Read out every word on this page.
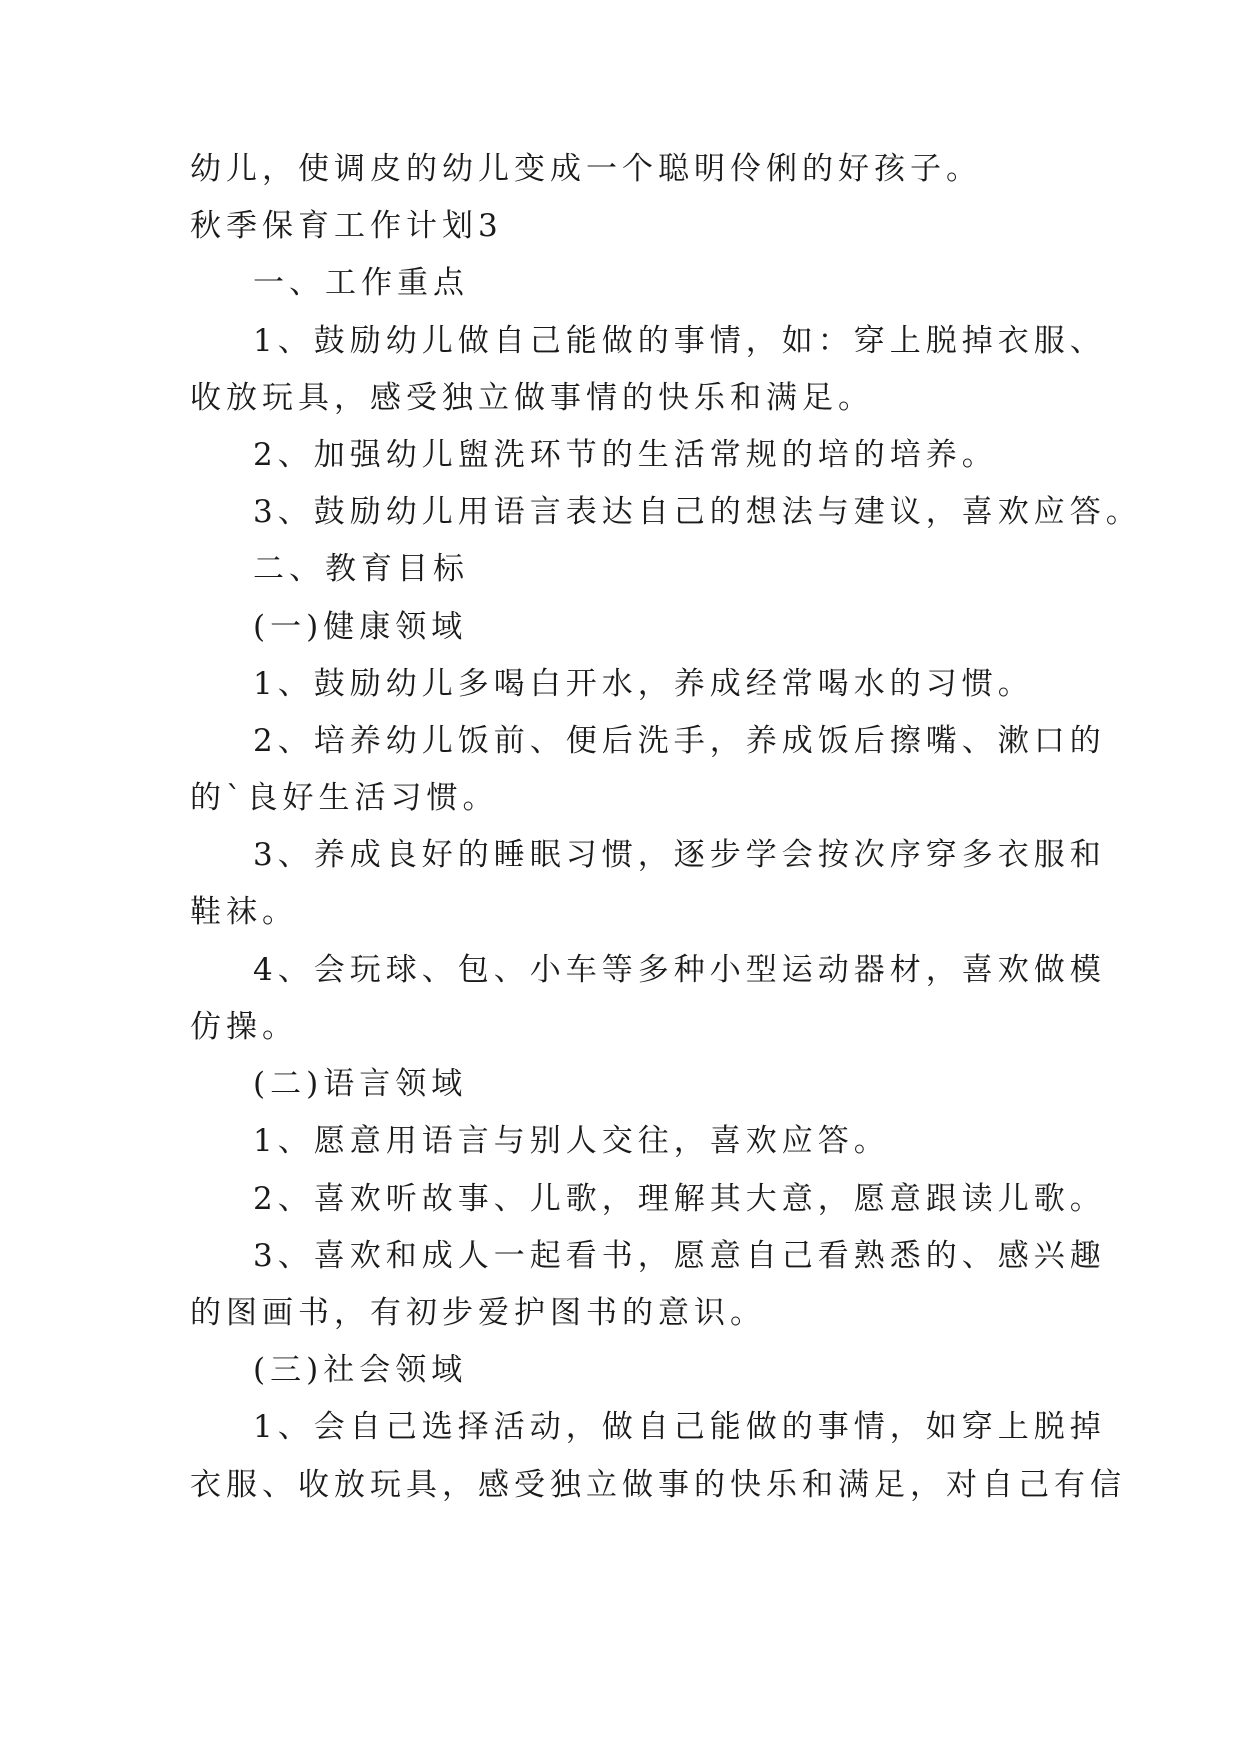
幼儿，使调皮的幼儿变成一个聪明伶俐的好孩子。
秋季保育工作计划3
一、工作重点
1、鼓励幼儿做自己能做的事情，如：穿上脱掉衣服、
收放玩具，感受独立做事情的快乐和满足。
2、加强幼儿盥洗环节的生活常规的培的培养。
3、鼓励幼儿用语言表达自己的想法与建议，喜欢应答。
二、教育目标
(一)健康领域
1、鼓励幼儿多喝白开水，养成经常喝水的习惯。
2、培养幼儿饭前、便后洗手，养成饭后擦嘴、漱口的
的`良好生活习惯。
3、养成良好的睡眠习惯，逐步学会按次序穿多衣服和
鞋袜。
4、会玩球、包、小车等多种小型运动器材，喜欢做模
仿操。
(二)语言领域
1、愿意用语言与别人交往，喜欢应答。
2、喜欢听故事、儿歌，理解其大意，愿意跟读儿歌。
3、喜欢和成人一起看书，愿意自己看熟悉的、感兴趣
的图画书，有初步爱护图书的意识。
(三)社会领域
1、会自己选择活动，做自己能做的事情，如穿上脱掉
衣服、收放玩具，感受独立做事的快乐和满足，对自己有信
